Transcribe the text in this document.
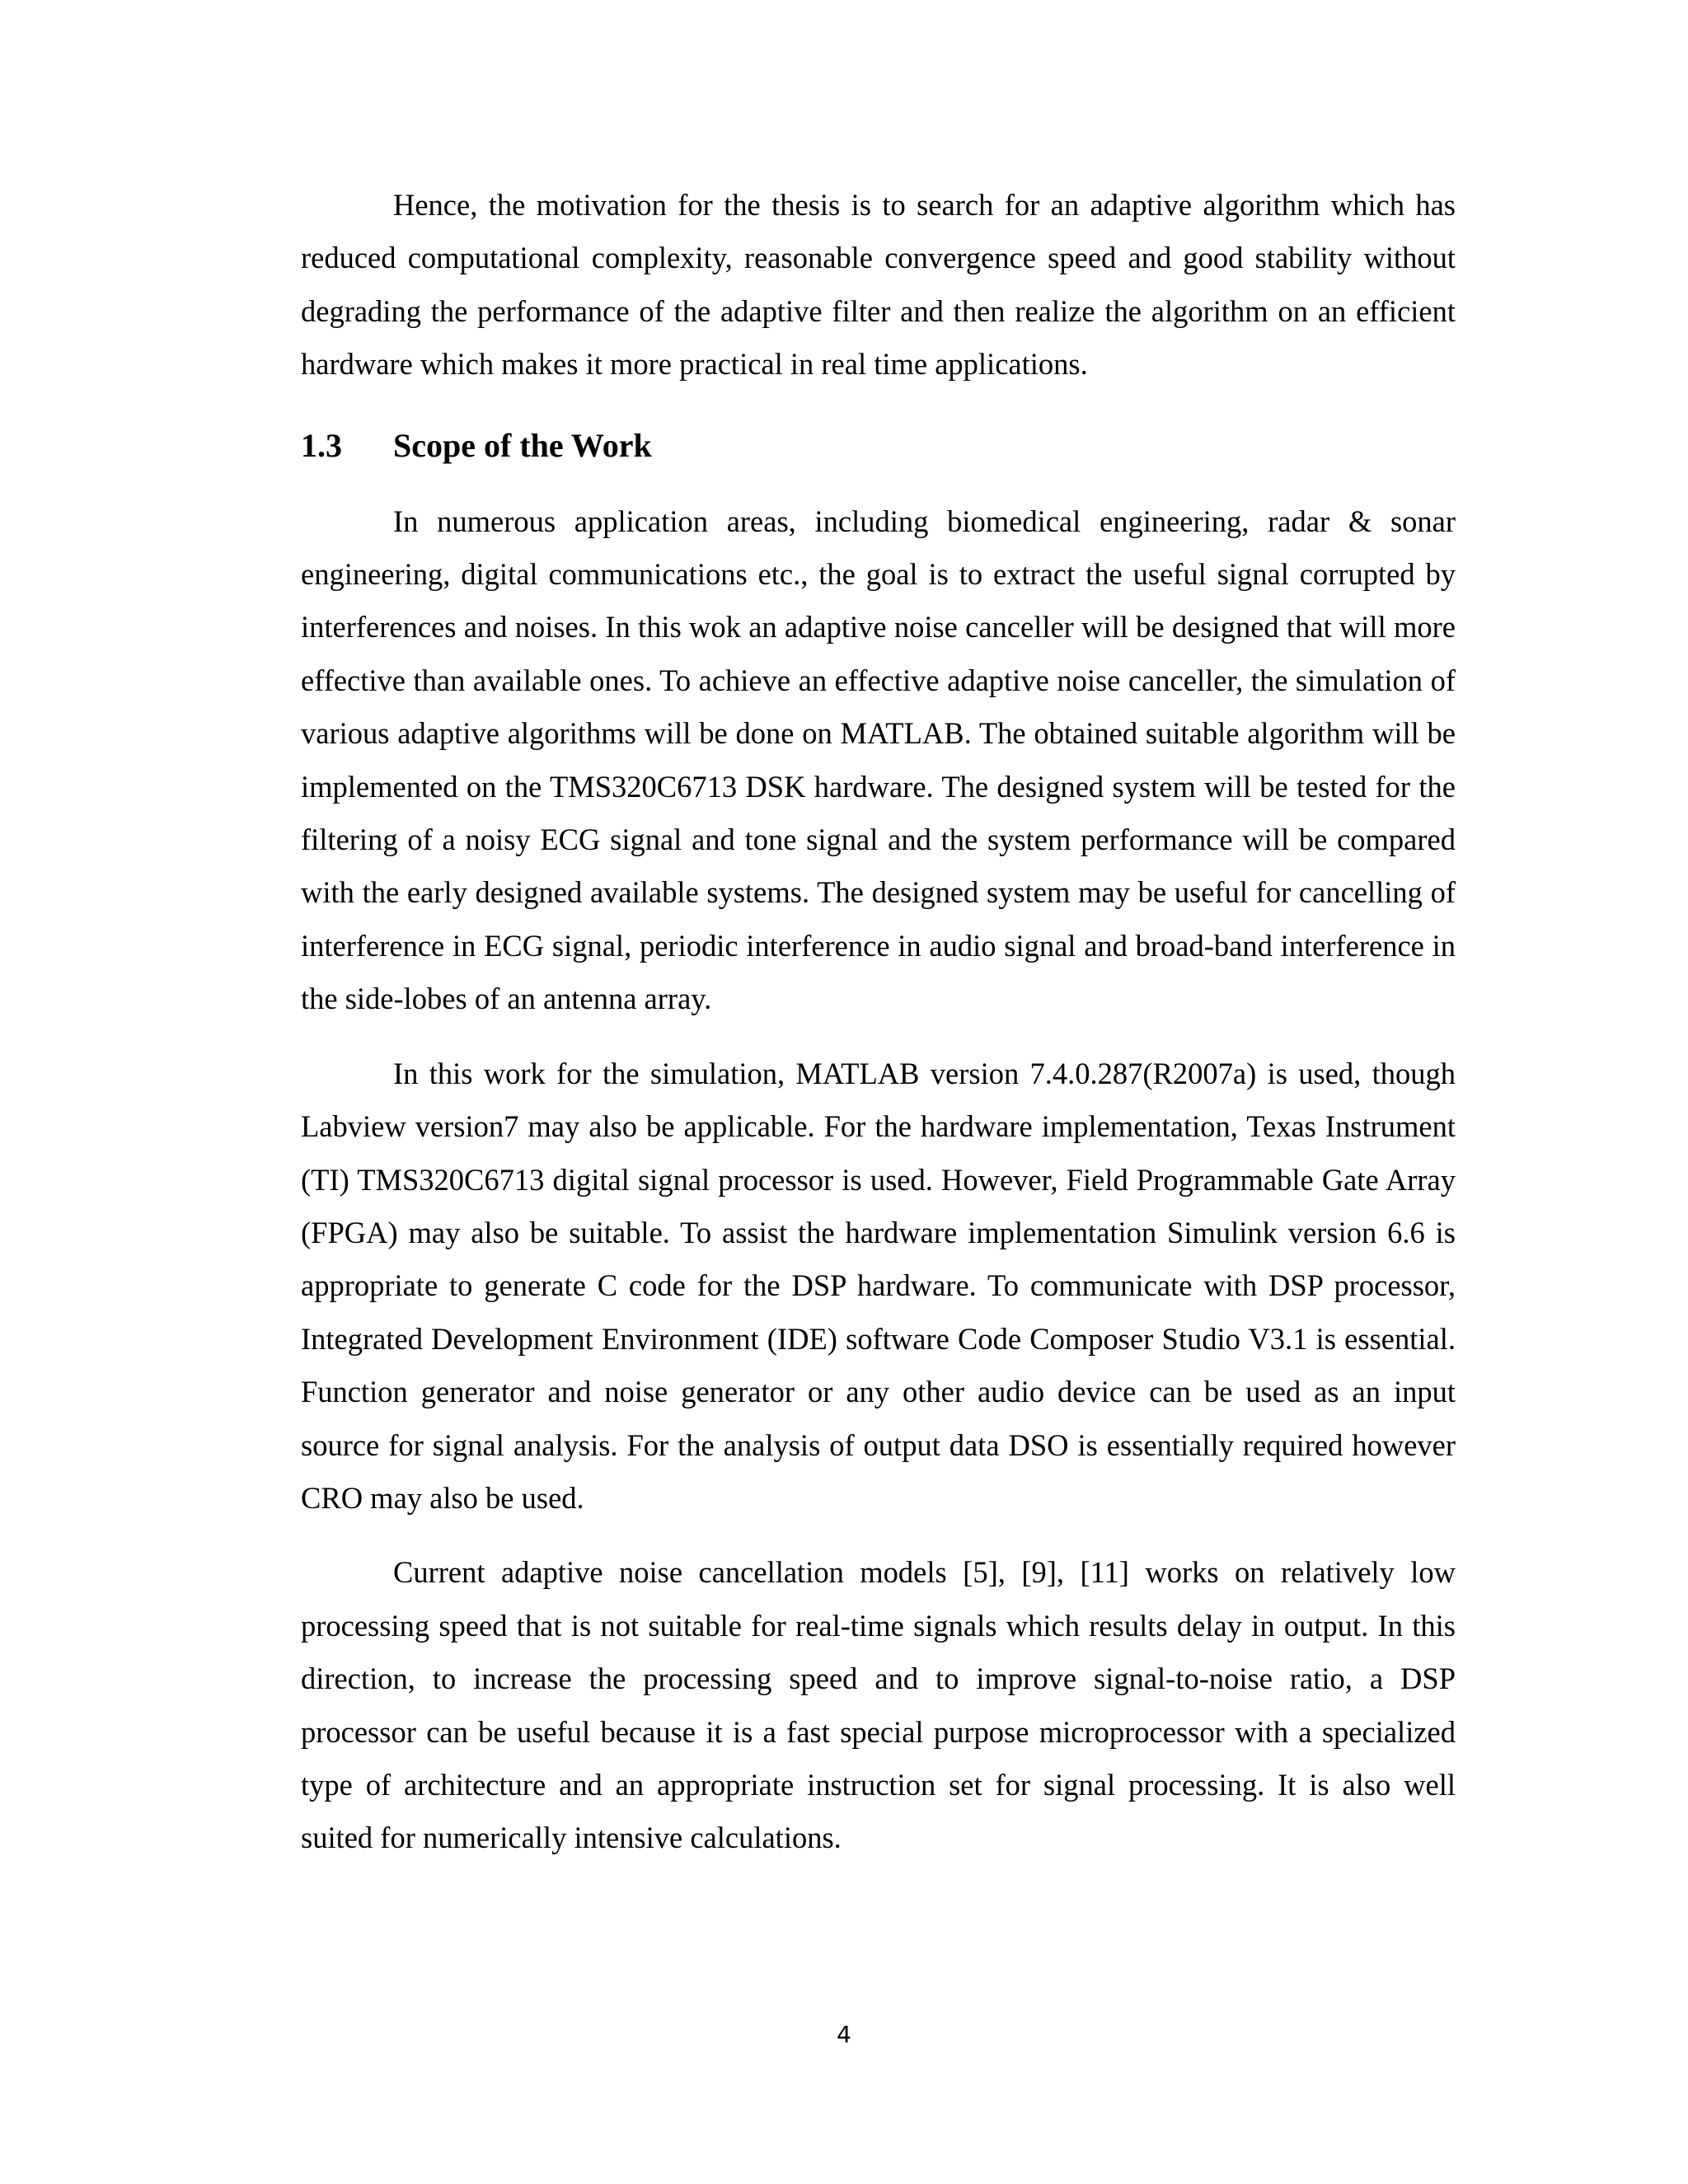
Hence, the motivation for the thesis is to search for an adaptive algorithm which has reduced computational complexity, reasonable convergence speed and good stability without degrading the performance of the adaptive filter and then realize the algorithm on an efficient hardware which makes it more practical in real time applications.

1.3	Scope of the Work

In numerous application areas, including biomedical engineering, radar & sonar engineering, digital communications etc., the goal is to extract the useful signal corrupted by interferences and noises. In this wok an adaptive noise canceller will be designed that will more effective than available ones. To achieve an effective adaptive noise canceller, the simulation of various adaptive algorithms will be done on MATLAB. The obtained suitable algorithm will be implemented on the TMS320C6713 DSK hardware. The designed system will be tested for the filtering of a noisy ECG signal and tone signal and the system performance will be compared with the early designed available systems. The designed system may be useful for cancelling of interference in ECG signal, periodic interference in audio signal and broad-band interference in the side-lobes of an antenna array.

In this work for the simulation, MATLAB version 7.4.0.287(R2007a) is used, though Labview version7 may also be applicable. For the hardware implementation, Texas Instrument (TI) TMS320C6713 digital signal processor is used. However, Field Programmable Gate Array (FPGA) may also be suitable. To assist the hardware implementation Simulink version 6.6 is appropriate to generate C code for the DSP hardware. To communicate with DSP processor, Integrated Development Environment (IDE) software Code Composer Studio V3.1 is essential. Function generator and noise generator or any other audio device can be used as an input source for signal analysis. For the analysis of output data DSO is essentially required however CRO may also be used.

Current adaptive noise cancellation models [5], [9], [11] works on relatively low processing speed that is not suitable for real-time signals which results delay in output. In this direction, to increase the processing speed and to improve signal-to-noise ratio, a DSP processor can be useful because it is a fast special purpose microprocessor with a specialized type of architecture and an appropriate instruction set for signal processing. It is also well suited for numerically intensive calculations.

4
